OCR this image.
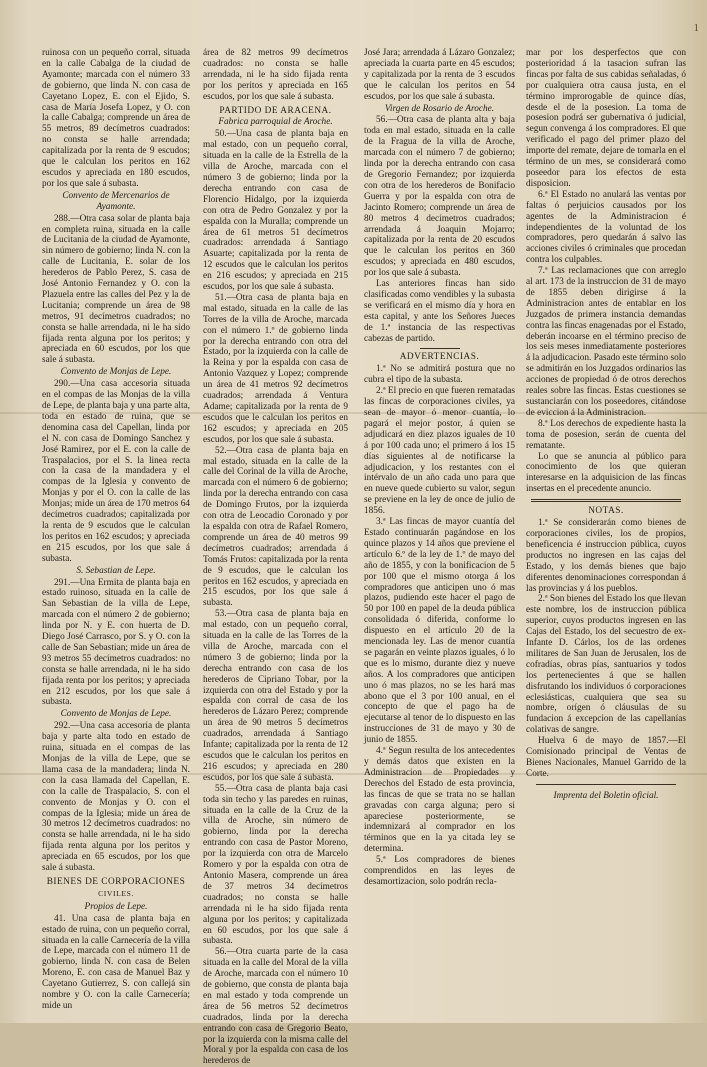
1

ruinosa con un pequeño corral, situada en la calle Cabalga de la ciudad de Ayamonte; marcada con el número 33 de gobierno, que linda N. con casa de Cayetano Lopez, E. con el Ejido, S. casa de María Josefa Lopez, y O. con la calle Cabalga; comprende un área de 55 metros, 89 decímetros cuadrados: no consta se halle arrendada; capitalizada por la renta de 9 escudos; que le calculan los peritos en 162 escudos y apreciada en 180 escudos, por los que sale á subasta.

Convento de Mercenarios de Ayamonte.

288.—Otra casa solar de planta baja en completa ruina, situada en la calle de Lucitania de la ciudad de Ayamonte, sin número de gobierno; linda N. con la calle de Lucitania, E. solar de los herederos de Pablo Perez, S. casa de José Antonio Fernandez y O. con la Plazuela entre las calles del Pez y la de Lucitania; comprende un área de 98 metros, 91 decímetros cuadrados; no consta se halle arrendada, ni le ha sido fijada renta alguna por los peritos; y apreciada en 60 escudos, por los que sale á subasta.

Convento de Monjas de Lepe.

290.—Una casa accesoria situada en el compas de las Monjas de la villa de Lepe, de planta baja y una parte alta, toda en estado de ruina, que se denomina casa del Capellan, linda por el N. con casa de Domingo Sanchez y José Ramirez, por el E. con la calle de Traspalacios, por el S. la linea recta con la casa de la mandadera y el compas de la Iglesia y convento de Monjas y por el O. con la calle de las Monjas; mide un área de 170 metros 64 decímetros cuadrados; capitalizada por la renta de 9 escudos que le calculan los peritos en 162 escudos; y apreciada en 215 escudos, por los que sale á subasta.

S. Sebastian de Lepe.

291.—Una Ermita de planta baja en estado ruinoso, situada en la calle de San Sebastian de la villa de Lepe, marcada con el número 2 de gobierno; linda por N. y E. con huerta de D. Diego José Carrasco, por S. y O. con la calle de San Sebastian; mide un área de 93 metros 55 decímetros cuadrados: no consta se halle arrendada, ni le ha sido fijada renta por los peritos; y apreciada en 212 escudos, por los que sale á subasta.

Convento de Monjas de Lepe.

292.—Una casa accesoria de planta baja y parte alta todo en estado de ruina, situada en el compas de las Monjas de la villa de Lepe, que se llama casa de la mandadera; linda N. con la casa llamada del Capellan, E. con la calle de Traspalacio, S. con el convento de Monjas y O. con el compas de la Iglesia; mide un área de 30 metros 12 decímetros cuadrados: no consta se halle arrendada, ni le ha sido fijada renta alguna por los peritos y apreciada en 65 escudos, por los que sale á subasta.

BIENES DE CORPORACIONES

CIVILES.

Propios de Lepe.

41. Una casa de planta baja en estado de ruina, con un pequeño corral, situada en la calle Carnecería de la villa de Lepe, marcada con el número 11 de gobierno, linda N. con casa de Belen Moreno, E. con casa de Manuel Baz y Cayetano Gutierrez, S. con callejá sin nombre y O. con la calle Carnecería; mide un

área de 82 metros 99 decímetros cuadrados: no consta se halle arrendada, ni le ha sido fijada renta por los peritos y apreciada en 165 escudos, por los que sale á subasta.

PARTIDO DE ARACENA.

Fabrica parroquial de Aroche.

50.—Una casa de planta baja en mal estado, con un pequeño corral, situada en la calle de la Estrella de la villa de Aroche, marcada con el número 3 de gobierno; linda por la derecha entrando con casa de Florencio Hidalgo, por la izquierda con otra de Pedro Gonzalez y por la espalda con la Muralla; comprende un área de 61 metros 51 decímetros cuadrados: arrendada á Santiago Asuarte; capitalizada por la renta de 12 escudos que le calculan los peritos en 216 escudos; y apreciada en 215 escudos, por los que sale á subasta.

51.—Otra casa de planta baja en mal estado, situada en la calle de las Torres de la villa de Aroche, marcada con el número 1.º de gobierno linda por la derecha entrando con otra del Estado, por la izquierda con la calle de la Reina y por la espalda con casa de Antonio Vazquez y Lopez; comprende un área de 41 metros 92 decímetros cuadrados; arrendada á Ventura Adame; capitalizada por la renta de 9 escudos que le calculan los peritos en 162 escudos; y apreciada en 205 escudos, por los que sale á subasta.

52.—Otra casa de planta baja en mal estado, situada en la calle de la calle del Corinal de la villa de Aroche, marcada con el número 6 de gobierno; linda por la derecha entrando con casa de Domingo Frutos, por la izquierda con otra de Leocadio Coronado y por la espalda con otra de Rafael Romero, comprende un área de 40 metros 99 decímetros cuadrados; arrendada á Tomás Frutos: capitalizada por la renta de 9 escudos, que le calculan los peritos en 162 escudos, y apreciada en 215 escudos, por los que sale á subasta.

53.—Otra casa de planta baja en mal estado, con un pequeño corral, situada en la calle de las Torres de la villa de Aroche, marcada con el número 3 de gobierno; linda por la derecha entrando con casa de los herederos de Cipriano Tobar, por la izquierda con otra del Estado y por la espalda con corral de casa de los herederos de Lázaro Perez; comprende un área de 90 metros 5 decímetros cuadrados, arrendada á Santiago Infante; capitalizada por la renta de 12 escudos que le calculan los peritos en 216 escudos; y apreciada en 280 escudos, por los que sale á subasta.

55.—Otra casa de planta baja casi toda sin techo y las paredes en ruinas, situada en la calle de la Cruz de la villa de Aroche, sin número de gobierno, linda por la derecha entrando con casa de Pastor Moreno, por la izquierda con otra de Marcelo Romero y por la espalda con otra de Antonio Masera, comprende un área de 37 metros 34 decímetros cuadrados; no consta se halle arrendada ni le ha sido fijada renta alguna por los peritos; y capitalizada en 60 escudos, por los que sale á subasta.

56.—Otra cuarta parte de la casa situada en la calle del Moral de la villa de Aroche, marcada con el número 10 de gobierno, que consta de planta baja en mal estado y toda comprende un área de 56 metros 52 decímetros cuadrados, linda por la derecha entrando con casa de Gregorio Beato, por la izquierda con la misma calle del Moral y por la espalda con casa de los herederos de

José Jara; arrendada á Lázaro Gonzalez; apreciada la cuarta parte en 45 escudos; y capitalizada por la renta de 3 escudos que le calculan los peritos en 54 escudos, por los que sale á subasta.

Virgen de Rosario de Aroche.

56.—Otra casa de planta alta y baja toda en mal estado, situada en la calle de la Fragua de la villa de Aroche, marcada con el número 7 de gobierno; linda por la derecha entrando con casa de Gregorio Fernandez; por izquierda con otra de los herederos de Bonifacio Guerra y por la espalda con otra de Jacinto Romero; comprende un área de 80 metros 4 decímetros cuadrados; arrendada á Joaquin Mojarro; capitalizada por la renta de 20 escudos que le calculan los peritos en 360 escudos; y apreciada en 480 escudos, por los que sale á subasta.

Las anteriores fincas han sido clasificadas como vendibles y la subasta se verificará en el mismo día y hora en esta capital, y ante los Señores Jueces de 1.ª instancia de las respectivas cabezas de partido.

ADVERTENCIAS.

1.ª No se admitirá postura que no cubra el tipo de la subasta.

2.ª El precio en que fueren rematadas las fincas de corporaciones civiles, ya sean de mayor ó menor cuantía, lo pagará el mejor postor, á quien se adjudicará en diez plazos iguales de 10 á por 100 cada uno; el primero á los 15 días siguientes al de notificarse la adjudicacion, y los restantes con el intérvalo de un año cada uno para que en nueve quede cubierto su valor, segun se previene en la ley de once de julio de 1856.

3.ª Las fincas de mayor cuantía del Estado continuarán pagándose en los quince plazos y 14 años que previene el artículo 6.º de la ley de 1.º de mayo del año de 1855, y con la bonificacion de 5 por 100 que el mismo otorga á los compradores que anticipen uno ó mas plazos, pudiendo este hacer el pago de 50 por 100 en papel de la deuda pública consolidada ó diferida, conforme lo dispuesto en el artículo 20 de la mencionada ley. Las de menor cuantía se pagarán en veinte plazos iguales, ó lo que es lo mismo, durante diez y nueve años. A los compradores que anticipen uno ó mas plazos, no se les hará mas abono que el 3 por 100 anual, en el concepto de que el pago ha de ejecutarse al tenor de lo dispuesto en las instrucciones de 31 de mayo y 30 de junio de 1855.

4.ª Segun resulta de los antecedentes y demás datos que existen en la Administracion de Propiedades y Derechos del Estado de esta provincia, las fincas de que se trata no se hallan gravadas con carga alguna; pero si apareciese posteriormente, se indemnizará al comprador en los términos que en la ya citada ley se determina.

5.ª Los compradores de bienes comprendidos en las leyes de desamortizacion, solo podrán recla-

mar por los desperfectos que con posterioridad á la tasacion sufran las fincas por falta de sus cabidas señaladas, ó por cualquiera otra causa justa, en el término improrogable de quince días, desde el de la posesion. La toma de posesion podrá ser gubernativa ó judicial, segun convenga á los compradores. El que verificado el pago del primer plazo del importe del remate, dejare de tomarla en el término de un mes, se considerará como poseedor para los efectos de esta disposicion.

6.ª El Estado no anulará las ventas por faltas ó perjuicios causados por los agentes de la Administracion é independientes de la voluntad de los compradores, pero quedarán á salvo las acciones civiles ó criminales que procedan contra los culpables.

7.ª Las reclamaciones que con arreglo al art. 173 de la instruccion de 31 de mayo de 1855 deben dirigirse á la Administracion antes de entablar en los Juzgados de primera instancia demandas contra las fincas enagenadas por el Estado, deberán incoarse en el término preciso de los seis meses inmediatamente posteriores á la adjudicacion. Pasado este término solo se admitirán en los Juzgados ordinarios las acciones de propiedad ó de otros derechos reales sobre las fincas. Estas cuestiones se sustanciarán con los poseedores, citándose de eviccion á la Administracion.

8.ª Los derechos de expediente hasta la toma de posesion, serán de cuenta del rematante.

Lo que se anuncia al público para conocimiento de los que quieran interesarse en la adquisicion de las fincas insertas en el precedente anuncio.

NOTAS.

1.ª Se considerarán como bienes de corporaciones civiles, los de propios, beneficencia é instruccion pública, cuyos productos no ingresen en las cajas del Estado, y los demás bienes que bajo diferentes denominaciones correspondan á las provincias y á los pueblos.

2.ª Son bienes del Estado los que llevan este nombre, los de instruccion pública superior, cuyos productos ingresen en las Cajas del Estado, los del secuestro de ex-Infante D. Cárlos, los de las ordenes militares de San Juan de Jerusalen, los de cofradías, obras pías, santuarios y todos los pertenecientes á que se hallen disfrutando los individuos ó corporaciones eclesiásticas, cualquiera que sea su nombre, orígen ó cláusulas de su fundacion á excepcion de las capellanías colativas de sangre.

Huelva 6 de mayo de 1857.—El Comisionado principal de Ventas de Bienes Nacionales, Manuel Garrido de la Corte.

Imprenta del Boletin oficial.
